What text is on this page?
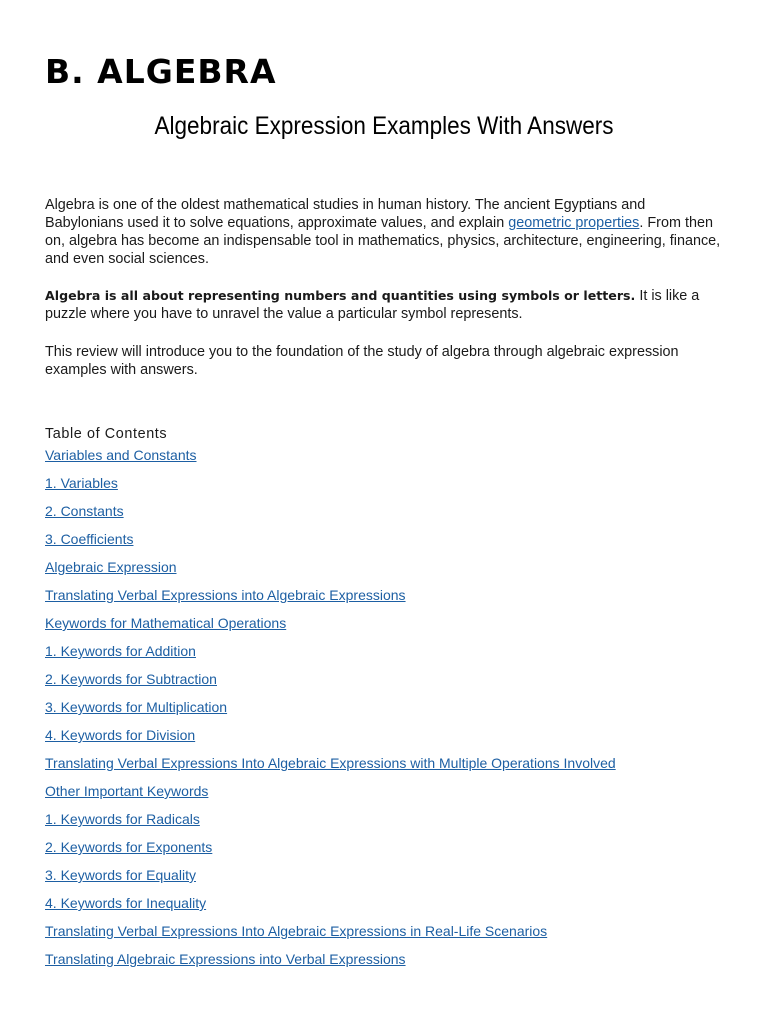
B. ALGEBRA
Algebraic Expression Examples With Answers

Algebra is one of the oldest mathematical studies in human history. The ancient Egyptians and Babylonians used it to solve equations, approximate values, and explain geometric properties. From then on, algebra has become an indispensable tool in mathematics, physics, architecture, engineering, finance, and even social sciences.

Algebra is all about representing numbers and quantities using symbols or letters. It is like a puzzle where you have to unravel the value a particular symbol represents.

This review will introduce you to the foundation of the study of algebra through algebraic expression examples with answers.

Table of Contents

Variables and Constants
1. Variables
2. Constants
3. Coefficients
Algebraic Expression
Translating Verbal Expressions into Algebraic Expressions
Keywords for Mathematical Operations
1. Keywords for Addition
2. Keywords for Subtraction
3. Keywords for Multiplication
4. Keywords for Division
Translating Verbal Expressions Into Algebraic Expressions with Multiple Operations Involved
Other Important Keywords
1. Keywords for Radicals
2. Keywords for Exponents
3. Keywords for Equality
4. Keywords for Inequality
Translating Verbal Expressions Into Algebraic Expressions in Real-Life Scenarios
Translating Algebraic Expressions into Verbal Expressions
